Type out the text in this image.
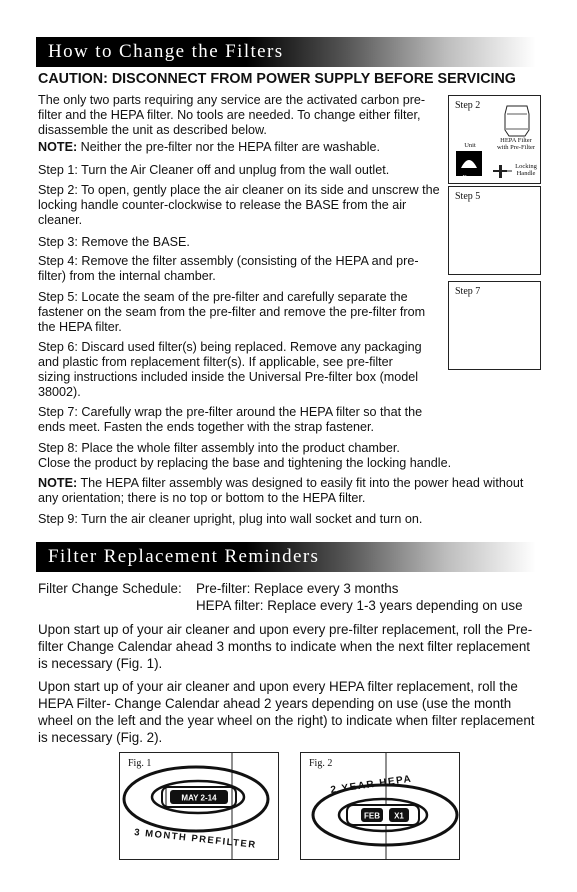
How to Change the Filters
CAUTION: DISCONNECT FROM POWER SUPPLY BEFORE SERVICING

The only two parts requiring any service are the activated carbon pre-filter and the HEPA filter. No tools are needed. To change either filter, disassemble the unit as described below.

NOTE: Neither the pre-filter nor the HEPA filter are washable.

Step 1: Turn the Air Cleaner off and unplug from the wall outlet.

Step 2: To open, gently place the air cleaner on its side and unscrew the locking handle counter-clockwise to release the BASE from the air cleaner.

Step 3: Remove the BASE.

Step 4: Remove the filter assembly (consisting of the HEPA and pre-filter) from the internal chamber.

Step 5: Locate the seam of the pre-filter and carefully separate the fastener on the seam from the pre-filter and remove the pre-filter from the HEPA filter.

Step 6: Discard used filter(s) being replaced. Remove any packaging and plastic from replacement filter(s). If applicable, see pre-filter sizing instructions included inside the Universal Pre-filter box (model 38002).

Step 7: Carefully wrap the pre-filter around the HEPA filter so that the ends meet. Fasten the ends together with the strap fastener.

Step 8: Place the whole filter assembly into the product chamber.

Close the product by replacing the base and tightening the locking handle.

NOTE: The HEPA filter assembly was designed to easily fit into the power head without any orientation; there is no top or bottom to the HEPA filter.

Step 9: Turn the air cleaner upright, plug into wall socket and turn on.

Step 2
HEPA Filter
with Pre-Filter
Unit
Base
Locking
Handle
Step 5
Step 7
Filter Replacement Reminders
Filter Change Schedule: Pre-filter: Replace every 3 months
HEPA filter: Replace every 1-3 years depending on use

Upon start up of your air cleaner and upon every pre-filter replacement, roll the Pre-filter Change Calendar ahead 3 months to indicate when the next filter replacement is necessary (Fig. 1).

Upon start up of your air cleaner and upon every HEPA filter replacement, roll the HEPA Filter- Change Calendar ahead 2 years depending on use (use the month wheel on the left and the year wheel on the right) to indicate when filter replacement is necessary (Fig. 2).

MAY 2-14
3 MONTH PREFILTER
Fig. 1
FEB X1
2 YEAR HEPA
Fig. 2
